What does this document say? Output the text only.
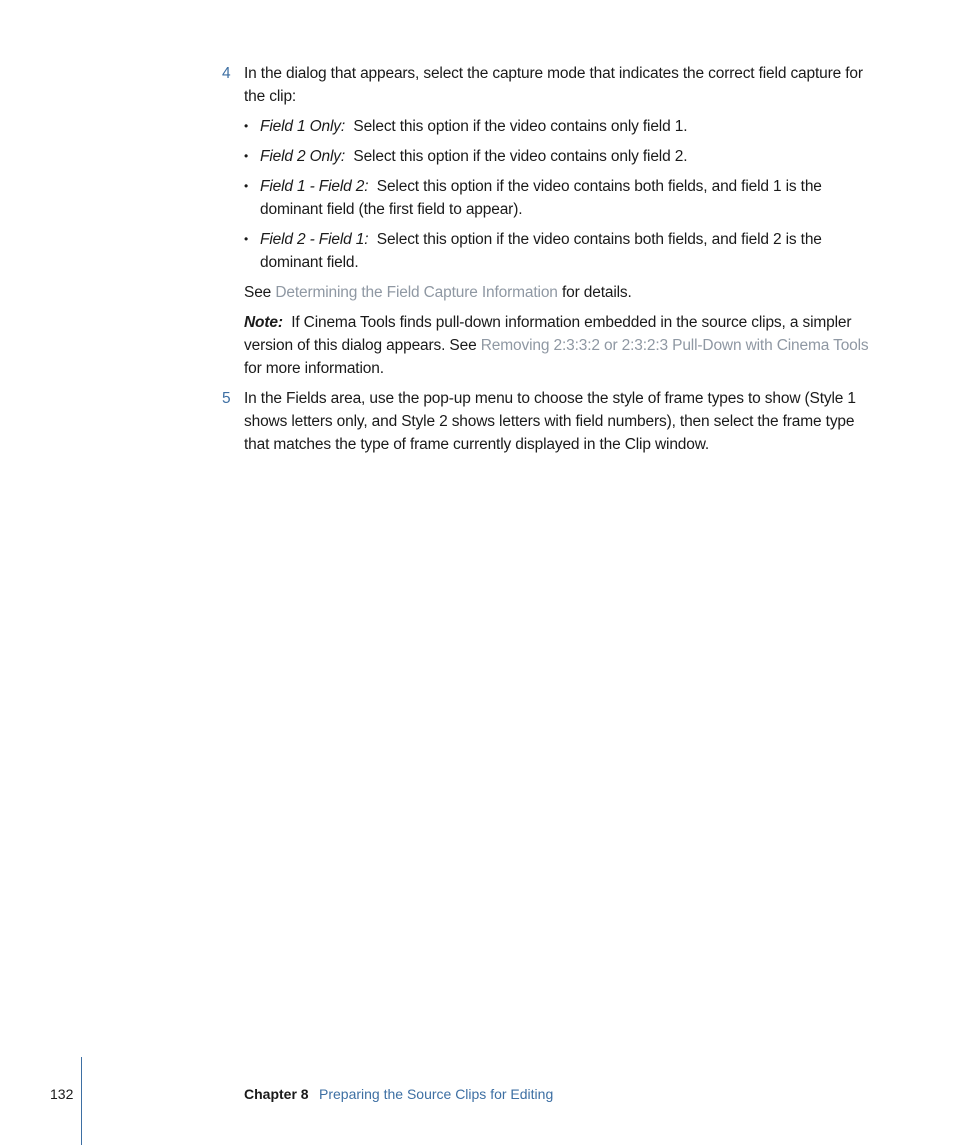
4 In the dialog that appears, select the capture mode that indicates the correct field capture for the clip:

• Field 1 Only: Select this option if the video contains only field 1.
• Field 2 Only: Select this option if the video contains only field 2.
• Field 1 - Field 2: Select this option if the video contains both fields, and field 1 is the dominant field (the first field to appear).
• Field 2 - Field 1: Select this option if the video contains both fields, and field 2 is the dominant field.
See Determining the Field Capture Information for details.
Note: If Cinema Tools finds pull-down information embedded in the source clips, a simpler version of this dialog appears. See Removing 2:3:3:2 or 2:3:2:3 Pull-Down with Cinema Tools for more information.
5 In the Fields area, use the pop-up menu to choose the style of frame types to show (Style 1 shows letters only, and Style 2 shows letters with field numbers), then select the frame type that matches the type of frame currently displayed in the Clip window.

132	Chapter 8 Preparing the Source Clips for Editing
